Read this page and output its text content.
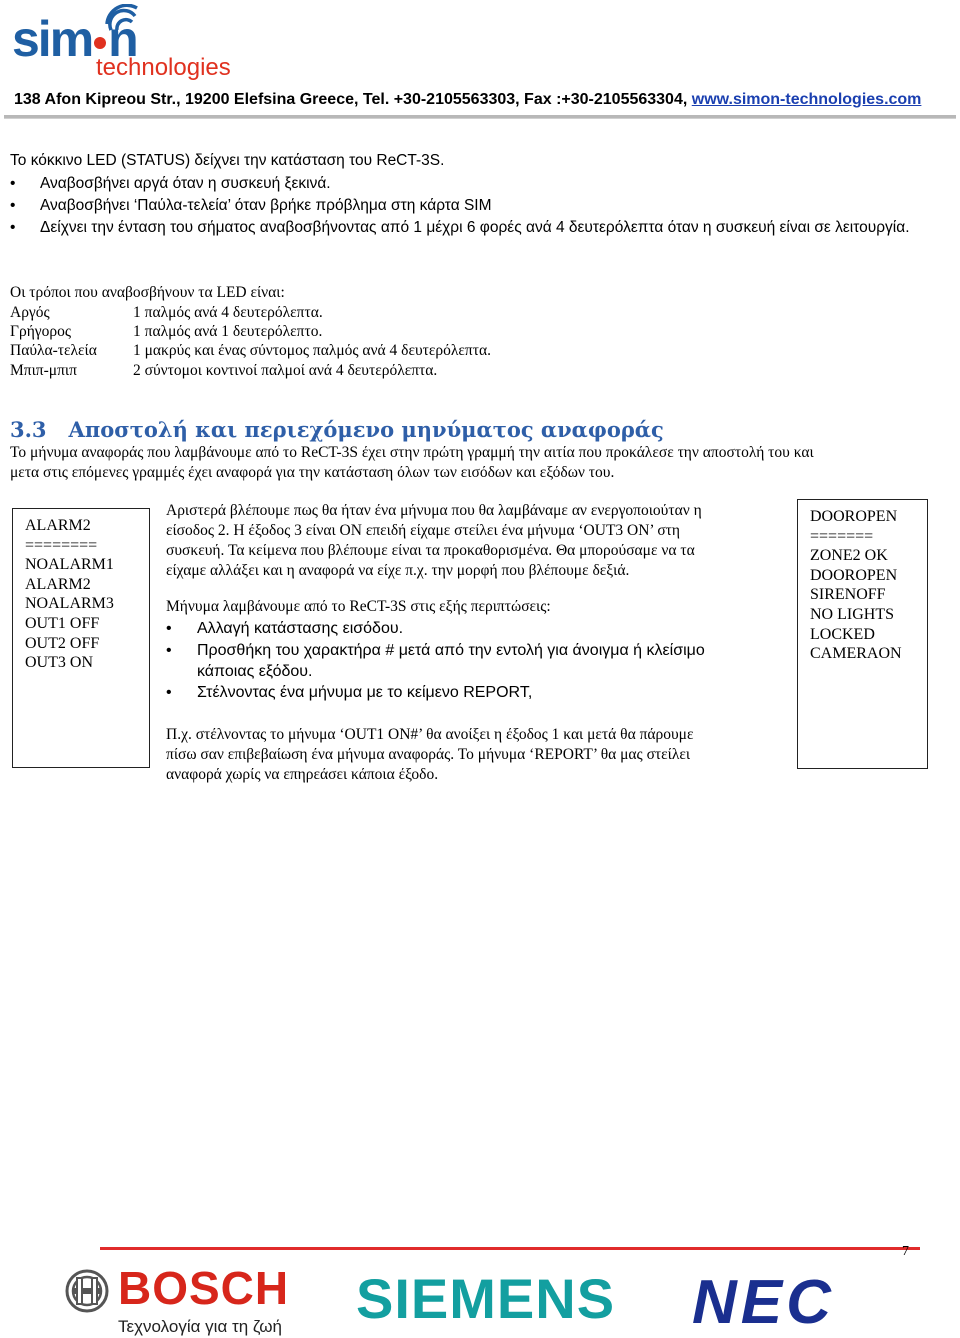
sim n
technologies
138 Afon Kipreou Str., 19200 Elefsina Greece, Tel. +30-2105563303, Fax :+30-2105563304, www.simon-technologies.com
Το κόκκινο LED (STATUS) δείχνει την κατάσταση του ReCT-3S.
• Αναβοσβήνει αργά όταν η συσκευή ξεκινά.
• Αναβοσβήνει ‘Παύλα-τελεία’ όταν βρήκε πρόβλημα στη κάρτα SIM
• Δείχνει την ένταση του σήματος αναβοσβήνοντας από 1 μέχρι 6 φορές ανά 4 δευτερόλεπτα όταν η συσκευή είναι σε λειτουργία.
Οι τρόποι που αναβοσβήνουν τα LED είναι:
Αργός	1 παλμός ανά 4 δευτερόλεπτα.
Γρήγορος	1 παλμός ανά 1 δευτερόλεπτο.
Παύλα-τελεία 1 μακρύς και ένας σύντομος παλμός ανά 4 δευτερόλεπτα.
Μπιπ-μπιπ	2 σύντομοι κοντινοί παλμοί ανά 4 δευτερόλεπτα.
3.3 Αποστολή και περιεχόμενο μηνύματος αναφοράς
Το μήνυμα αναφοράς που λαμβάνουμε από το ReCT-3S έχει στην πρώτη γραμμή την αιτία που προκάλεσε την αποστολή του και
μετα στις επόμενες γραμμές έχει αναφορά για την κατάσταση όλων των εισόδων και εξόδων του.
ALARM2
========
NOALARM1
ALARM2
NOALARM3
OUT1 OFF
OUT2 OFF
OUT3 ON
DOOROPEN
=======
ZONE2 OK
DOOROPEN
SIRENOFF
NO LIGHTS
LOCKED
CAMERAON
Αριστερά βλέπουμε πως θα ήταν ένα μήνυμα που θα λαμβάναμε αν ενεργοποιούταν η
είσοδος 2. Η έξοδος 3 είναι ON επειδή είχαμε στείλει ένα μήνυμα ‘OUT3 ON’ στη
συσκευή. Τα κείμενα που βλέπουμε είναι τα προκαθορισμένα. Θα μπορούσαμε να τα
είχαμε αλλάξει και η αναφορά να είχε π.χ. την μορφή που βλέπουμε δεξιά.
Μήνυμα λαμβάνουμε από το ReCT-3S στις εξής περιπτώσεις:
• Αλλαγή κατάστασης εισόδου.
• Προσθήκη του χαρακτήρα # μετά από την εντολή για άνοιγμα ή κλείσιμο
κάποιας εξόδου.
• Στέλνοντας ένα μήνυμα με το κείμενο REPORT,
Π.χ. στέλνοντας το μήνυμα ‘OUT1 ON#’ θα ανοίξει η έξοδος 1 και μετά θα πάρουμε
πίσω σαν επιβεβαίωση ένα μήνυμα αναφοράς. Το μήνυμα ‘REPORT’ θα μας στείλει
αναφορά χωρίς να επηρεάσει κάποια έξοδο.
7
BOSCH
Τεχνολογία για τη ζωή SIEMENS NEC
